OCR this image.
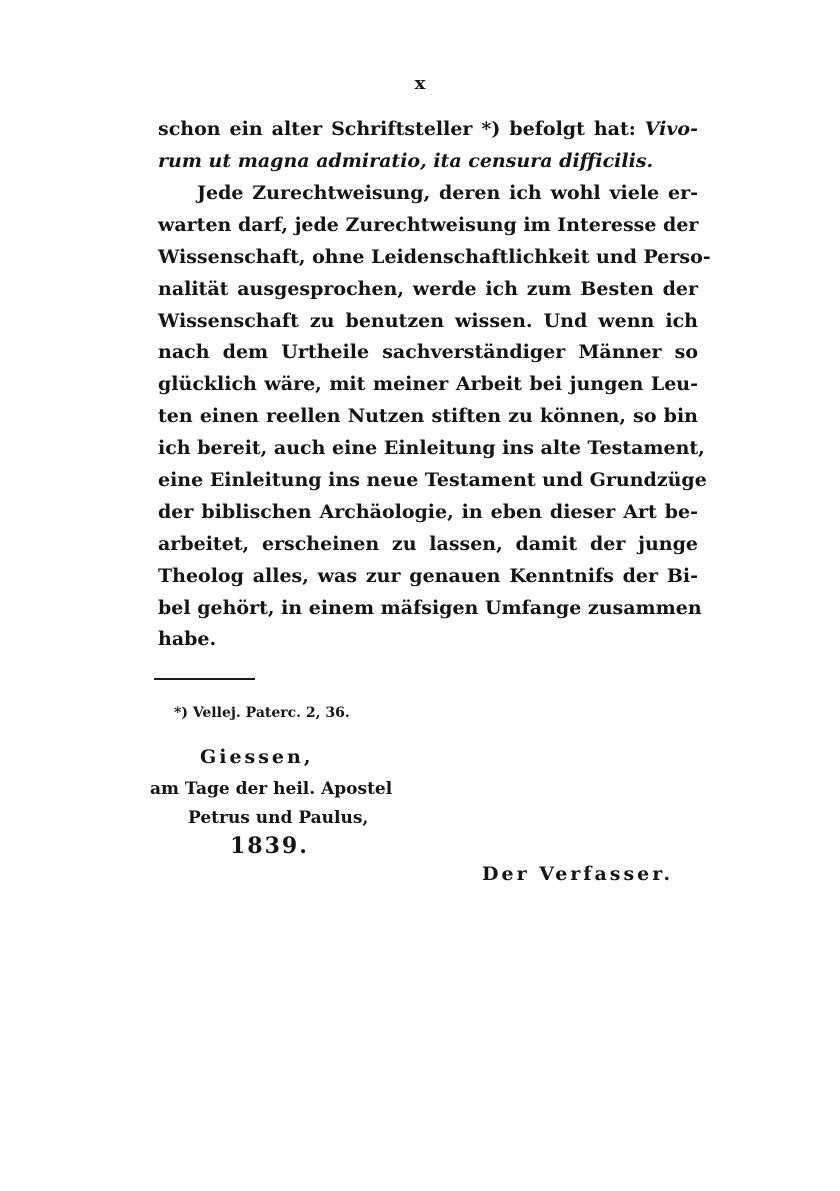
x
schon ein alter Schriftsteller *) befolgt hat: Vivo-
rum ut magna admiratio, ita censura difficilis.
Jede Zurechtweisung, deren ich wohl viele er-
warten darf, jede Zurechtweisung im Interesse der
Wissenschaft, ohne Leidenschaftlichkeit und Perso-
nalität ausgesprochen, werde ich zum Besten der
Wissenschaft zu benutzen wissen. Und wenn ich
nach dem Urtheile sachverständiger Männer so
glücklich wäre, mit meiner Arbeit bei jungen Leu-
ten einen reellen Nutzen stiften zu können, so bin
ich bereit, auch eine Einleitung ins alte Testament,
eine Einleitung ins neue Testament und Grundzüge
der biblischen Archäologie, in eben dieser Art be-
arbeitet, erscheinen zu lassen, damit der junge
Theolog alles, was zur genauen Kenntnifs der Bi-
bel gehört, in einem mäfsigen Umfange zusammen
habe.
*) Vellej. Paterc. 2, 36.
Giessen,
am Tage der heil. Apostel
Petrus und Paulus,
1839.
Der Verfasser.
